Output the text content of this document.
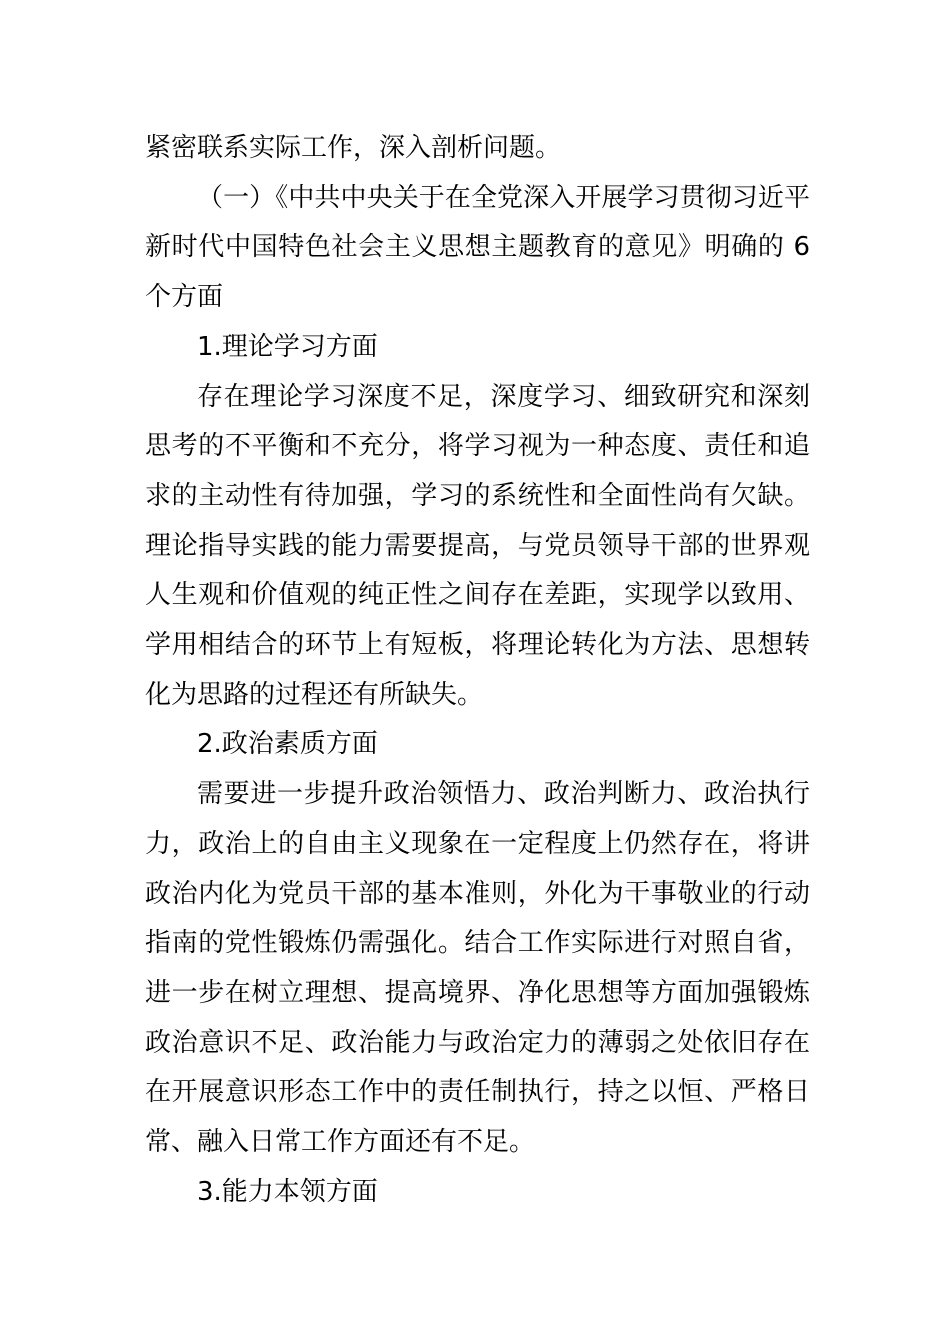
紧密联系实际工作，深入剖析问题。

（一）《中共中央关于在全党深入开展学习贯彻习近平新时代中国特色社会主义思想主题教育的意见》明确的 6 个方面

1.理论学习方面

存在理论学习深度不足，深度学习、细致研究和深刻思考的不平衡和不充分，将学习视为一种态度、责任和追求的主动性有待加强，学习的系统性和全面性尚有欠缺。理论指导实践的能力需要提高，与党员领导干部的世界观人生观和价值观的纯正性之间存在差距，实现学以致用、学用相结合的环节上有短板，将理论转化为方法、思想转化为思路的过程还有所缺失。

2.政治素质方面

需要进一步提升政治领悟力、政治判断力、政治执行力，政治上的自由主义现象在一定程度上仍然存在，将讲政治内化为党员干部的基本准则，外化为干事敬业的行动指南的党性锻炼仍需强化。结合工作实际进行对照自省，进一步在树立理想、提高境界、净化思想等方面加强锻炼政治意识不足、政治能力与政治定力的薄弱之处依旧存在在开展意识形态工作中的责任制执行，持之以恒、严格日常、融入日常工作方面还有不足。

3.能力本领方面
